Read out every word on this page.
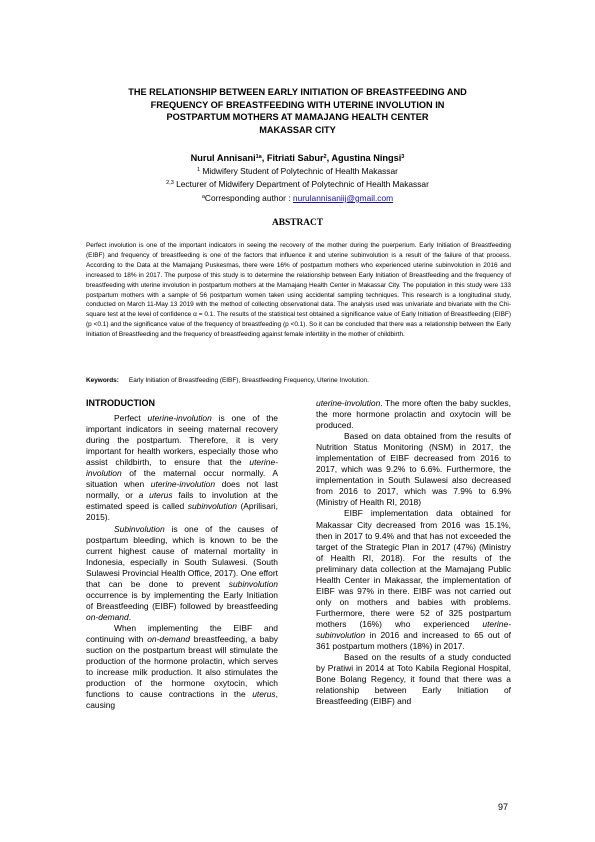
THE RELATIONSHIP BETWEEN EARLY INITIATION OF BREASTFEEDING AND
FREQUENCY OF BREASTFEEDING WITH UTERINE INVOLUTION IN
POSTPARTUM MOTHERS AT MAMAJANG HEALTH CENTER
MAKASSAR CITY
Nurul Annisani$^{1a}$, Fitriati Sabur$^2$, Agustina Ningsi$^3$
$^1$ Midwifery Student of Polytechnic of Health Makassar
$^{2,3}$ Lecturer of Midwifery Department of Polytechnic of Health Makassar
$^a$Corresponding author : nurulannisaniij@gmail.com
ABSTRACT
Perfect involution is one of the important indicators in seeing the recovery of the mother during the puerperium. Early Initiation of Breastfeeding (EIBF) and frequency of breastfeeding is one of the factors that influence it and uterine subinvolution is a result of the failure of that process. According to the Data at the Mamajang Puskesmas, there were 16% of postpartum mothers who experienced uterine subinvolution in 2016 and increased to 18% in 2017. The purpose of this study is to determine the relationship between Early Initiation of Breastfeeding and the frequency of breastfeeding with uterine involution in postpartum mothers at the Mamajang Health Center in Makassar City. The population in this study were 133 postpartum mothers with a sample of 56 postpartum women taken using accidental sampling techniques. This research is a longitudinal study, conducted on March 11-May 13 2019 with the method of collecting observational data. The analysis used was univariate and bivariate with the Chi-square test at the level of confidence α = 0.1. The results of the statistical test obtained a significance value of Early Initiation of Breastfeeding (EIBF) (p <0.1) and the significance value of the frequency of breastfeeding (p <0.1). So it can be concluded that there was a relationship between the Early Initiation of Breastfeeding and the frequency of breastfeeding against female infertility in the mother of childbirth.
Keywords: Early Initiation of Breastfeeding (EIBF), Breastfeeding Frequency, Uterine Involution.
INTRODUCTION

Perfect uterine-involution is one of the important indicators in seeing maternal recovery during the postpartum. Therefore, it is very important for health workers, especially those who assist childbirth, to ensure that the uterine-involution of the maternal occur normally. A situation when uterine-involution does not last normally, or a uterus fails to involution at the estimated speed is called subinvolution (Aprilisari, 2015).

Subinvolution is one of the causes of postpartum bleeding, which is known to be the current highest cause of maternal mortality in Indonesia, especially in South Sulawesi. (South Sulawesi Provincial Health Office, 2017). One effort that can be done to prevent subinvolution occurrence is by implementing the Early Initiation of Breastfeeding (EIBF) followed by breastfeeding on-demand.

When implementing the EIBF and continuing with on-demand breastfeeding, a baby suction on the postpartum breast will stimulate the production of the hormone prolactin, which serves to increase milk production. It also stimulates the production of the hormone oxytocin, which functions to cause contractions in the uterus, causing

uterine-involution. The more often the baby suckles, the more hormone prolactin and oxytocin will be produced.

Based on data obtained from the results of Nutrition Status Monitoring (NSM) in 2017, the implementation of EIBF decreased from 2016 to 2017, which was 9.2% to 6.6%. Furthermore, the implementation in South Sulawesi also decreased from 2016 to 2017, which was 7.9% to 6.9% (Ministry of Health RI, 2018)

EIBF implementation data obtained for Makassar City decreased from 2016 was 15.1%, then in 2017 to 9.4% and that has not exceeded the target of the Strategic Plan in 2017 (47%) (Ministry of Health RI, 2018). For the results of the preliminary data collection at the Mamajang Public Health Center in Makassar, the implementation of EIBF was 97% in there. EIBF was not carried out only on mothers and babies with problems. Furthermore, there were 52 of 325 postpartum mothers (16%) who experienced uterine-subinvolution in 2016 and increased to 65 out of 361 postpartum mothers (18%) in 2017.

Based on the results of a study conducted by Pratiwi in 2014 at Toto Kabila Regional Hospital, Bone Bolang Regency, it found that there was a relationship between Early Initiation of Breastfeeding (EIBF) and

97
